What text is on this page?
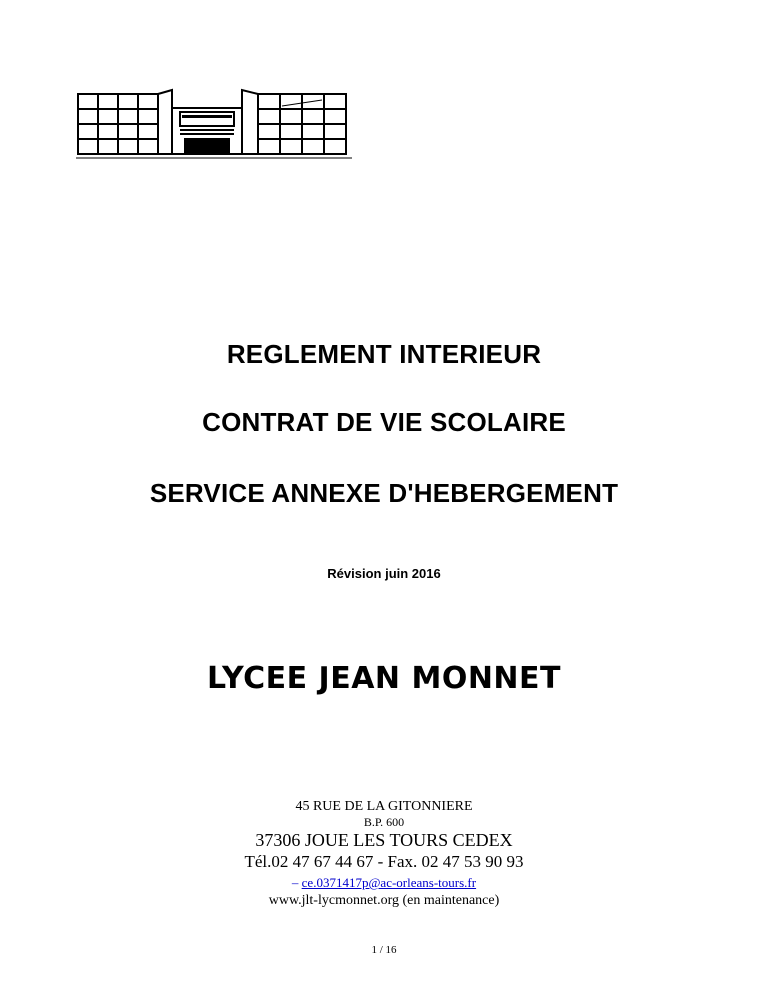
REGLEMENT INTERIEUR
CONTRAT DE VIE SCOLAIRE
SERVICE ANNEXE D'HEBERGEMENT
Révision juin 2016
LYCEE JEAN MONNET
45 RUE DE LA GITONNIERE
B.P. 600
37306 JOUE LES TOURS CEDEX
Tél.02 47 67 44 67 - Fax. 02 47 53 90 93
– ce.0371417p@ac-orleans-tours.fr
www.jlt-lycmonnet.org (en maintenance)
1 / 16
